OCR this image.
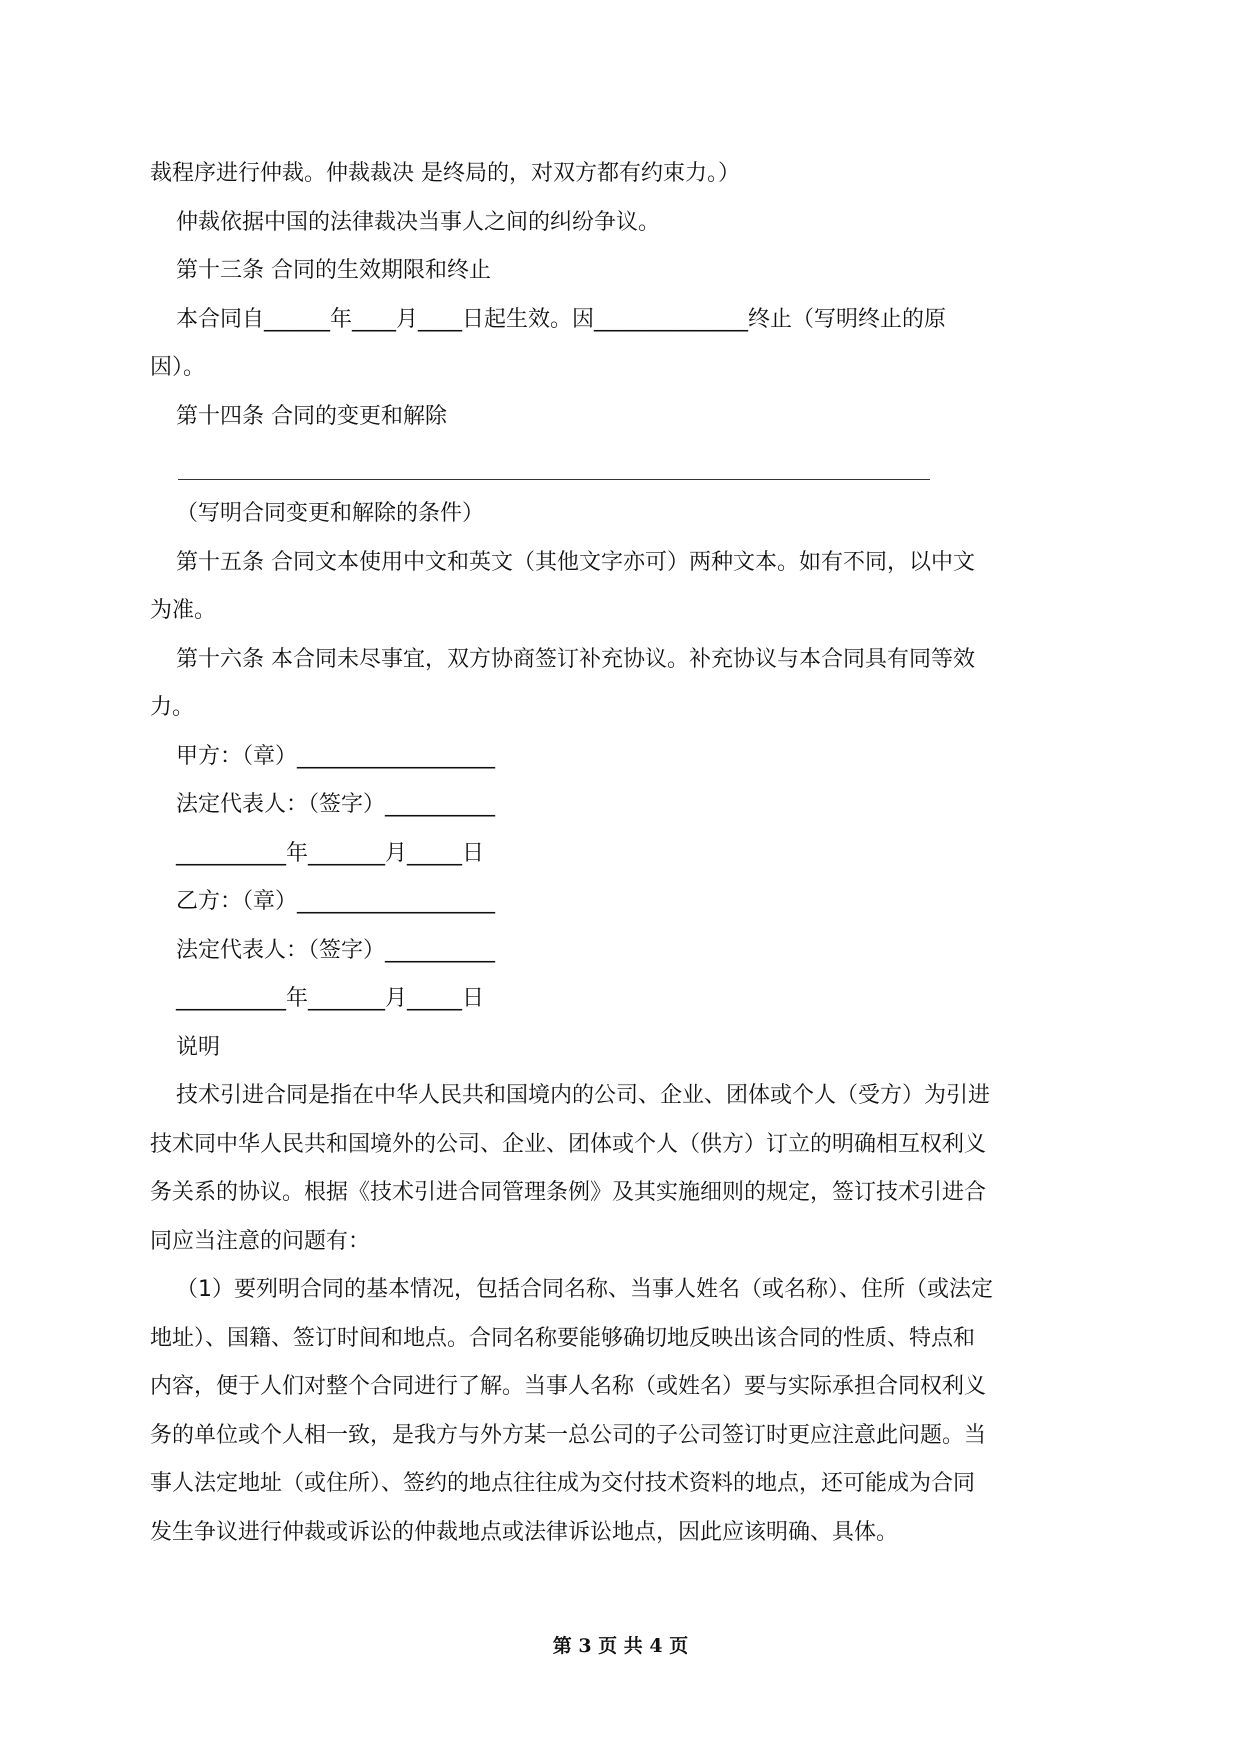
裁程序进行仲裁。仲裁裁决 是终局的，对双方都有约束力。）
仲裁依据中国的法律裁决当事人之间的纠纷争议。
第十三条 合同的生效期限和终止
本合同自______年____月____日起生效。因______________终止（写明终止的原
因）。
第十四条 合同的变更和解除
（写明合同变更和解除的条件）
第十五条 合同文本使用中文和英文（其他文字亦可）两种文本。如有不同，以中文
为准。
第十六条 本合同未尽事宜，双方协商签订补充协议。补充协议与本合同具有同等效
力。
甲方：（章）__________________
法定代表人：（签字）__________
__________年_______月_____日
乙方：（章）__________________
法定代表人：（签字）__________
__________年_______月_____日
说明
技术引进合同是指在中华人民共和国境内的公司、企业、团体或个人（受方）为引进
技术同中华人民共和国境外的公司、企业、团体或个人（供方）订立的明确相互权利义
务关系的协议。根据《技术引进合同管理条例》及其实施细则的规定，签订技术引进合
同应当注意的问题有：
（1）要列明合同的基本情况，包括合同名称、当事人姓名（或名称）、住所（或法定
地址）、国籍、签订时间和地点。合同名称要能够确切地反映出该合同的性质、特点和
内容，便于人们对整个合同进行了解。当事人名称（或姓名）要与实际承担合同权利义
务的单位或个人相一致，是我方与外方某一总公司的子公司签订时更应注意此问题。当
事人法定地址（或住所）、签约的地点往往成为交付技术资料的地点，还可能成为合同
发生争议进行仲裁或诉讼的仲裁地点或法律诉讼地点，因此应该明确、具体。
第 3 页 共 4 页
